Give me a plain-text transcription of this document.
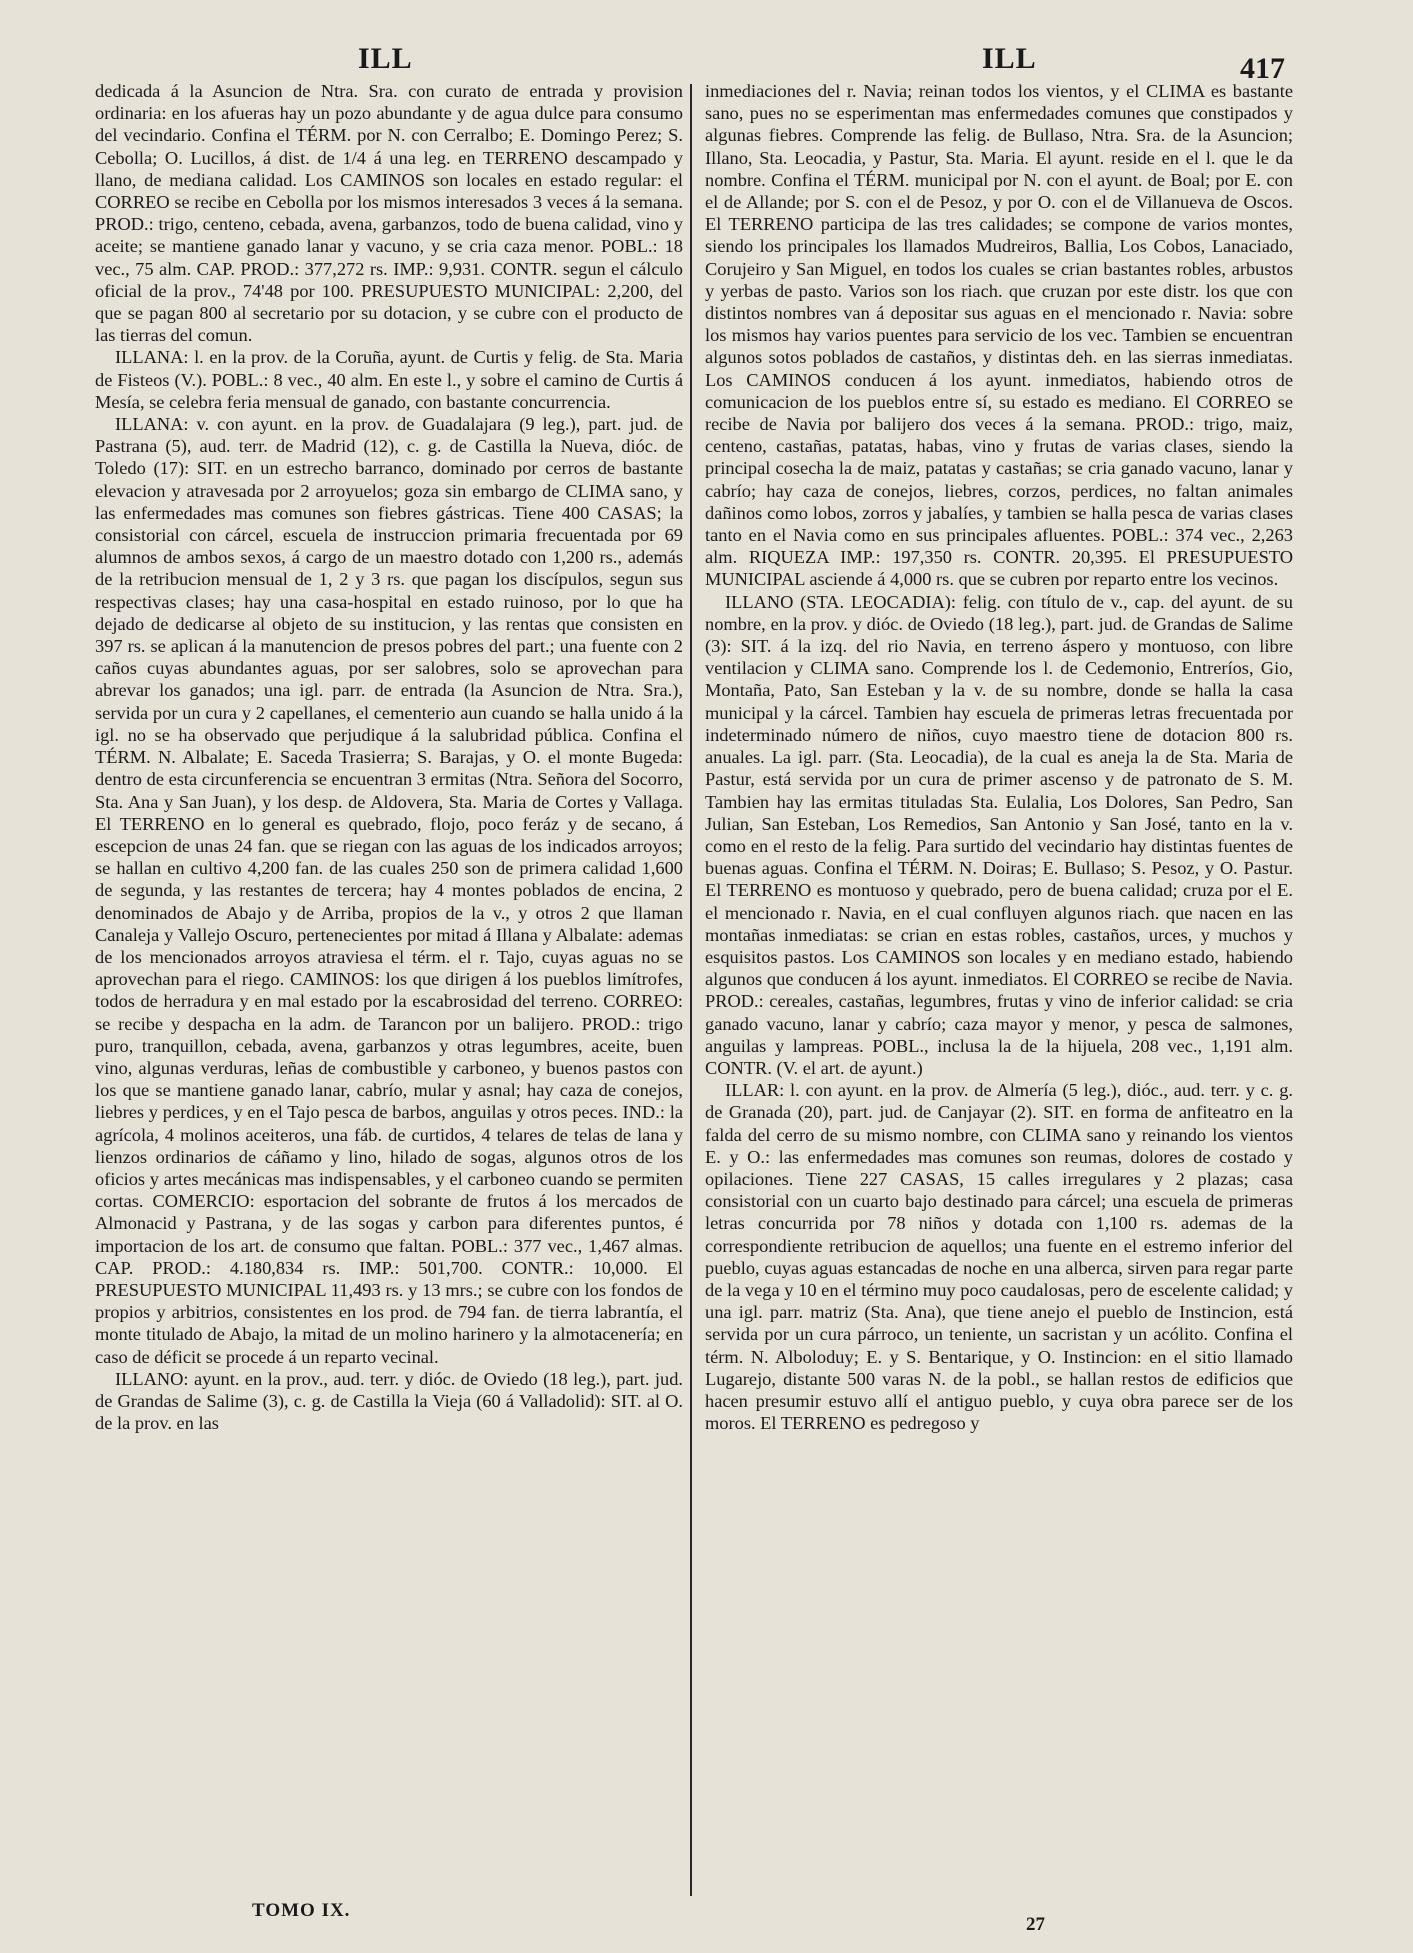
ILL	ILL	417

dedicada á la Asuncion de Ntra. Sra. con curato de entrada y provision ordinaria: en los afueras hay un pozo abundante y de agua dulce para consumo del vecindario. Confina el TÉRM. por N. con Cerralbo; E. Domingo Perez; S. Cebolla; O. Lucillos, á dist. de 1/4 á una leg. en TERRENO descampado y llano, de mediana calidad. Los CAMINOS son locales en estado regular: el CORREO se recibe en Cebolla por los mismos interesados 3 veces á la semana. PROD.: trigo, centeno, cebada, avena, garbanzos, todo de buena calidad, vino y aceite; se mantiene ganado lanar y vacuno, y se cria caza menor. POBL.: 18 vec., 75 alm. CAP. PROD.: 377,272 rs. IMP.: 9,931. CONTR. segun el cálculo oficial de la prov., 74'48 por 100. PRESUPUESTO MUNICIPAL: 2,200, del que se pagan 800 al secretario por su dotacion, y se cubre con el producto de las tierras del comun.

ILLANA: l. en la prov. de la Coruña, ayunt. de Curtis y felig. de Sta. Maria de Fisteos (V.). POBL.: 8 vec., 40 alm. En este l., y sobre el camino de Curtis á Mesía, se celebra feria mensual de ganado, con bastante concurrencia.

ILLANA: v. con ayunt. en la prov. de Guadalajara (9 leg.), part. jud. de Pastrana (5), aud. terr. de Madrid (12), c. g. de Castilla la Nueva, dióc. de Toledo (17): SIT. en un estrecho barranco, dominado por cerros de bastante elevacion y atravesada por 2 arroyuelos; goza sin embargo de CLIMA sano, y las enfermedades mas comunes son fiebres gástricas. Tiene 400 CASAS; la consistorial con cárcel, escuela de instruccion primaria frecuentada por 69 alumnos de ambos sexos, á cargo de un maestro dotado con 1,200 rs., además de la retribucion mensual de 1, 2 y 3 rs. que pagan los discípulos, segun sus respectivas clases; hay una casa-hospital en estado ruinoso, por lo que ha dejado de dedicarse al objeto de su institucion, y las rentas que consisten en 397 rs. se aplican á la manutencion de presos pobres del part.; una fuente con 2 caños cuyas abundantes aguas, por ser salobres, solo se aprovechan para abrevar los ganados; una igl. parr. de entrada (la Asuncion de Ntra. Sra.), servida por un cura y 2 capellanes, el cementerio aun cuando se halla unido á la igl. no se ha observado que perjudique á la salubridad pública. Confina el TÉRM. N. Albalate; E. Saceda Trasierra; S. Barajas, y O. el monte Bugeda: dentro de esta circunferencia se encuentran 3 ermitas (Ntra. Señora del Socorro, Sta. Ana y San Juan), y los desp. de Aldovera, Sta. Maria de Cortes y Vallaga. El TERRENO en lo general es quebrado, flojo, poco feráz y de secano, á escepcion de unas 24 fan. que se riegan con las aguas de los indicados arroyos; se hallan en cultivo 4,200 fan. de las cuales 250 son de primera calidad 1,600 de segunda, y las restantes de tercera; hay 4 montes poblados de encina, 2 denominados de Abajo y de Arriba, propios de la v., y otros 2 que llaman Canaleja y Vallejo Oscuro, pertenecientes por mitad á Illana y Albalate: ademas de los mencionados arroyos atraviesa el térm. el r. Tajo, cuyas aguas no se aprovechan para el riego. CAMINOS: los que dirigen á los pueblos limítrofes, todos de herradura y en mal estado por la escabrosidad del terreno. CORREO: se recibe y despacha en la adm. de Tarancon por un balijero. PROD.: trigo puro, tranquillon, cebada, avena, garbanzos y otras legumbres, aceite, buen vino, algunas verduras, leñas de combustible y carboneo, y buenos pastos con los que se mantiene ganado lanar, cabrío, mular y asnal; hay caza de conejos, liebres y perdices, y en el Tajo pesca de barbos, anguilas y otros peces. IND.: la agrícola, 4 molinos aceiteros, una fáb. de curtidos, 4 telares de telas de lana y lienzos ordinarios de cáñamo y lino, hilado de sogas, algunos otros de los oficios y artes mecánicas mas indispensables, y el carboneo cuando se permiten cortas. COMERCIO: esportacion del sobrante de frutos á los mercados de Almonacid y Pastrana, y de las sogas y carbon para diferentes puntos, é importacion de los art. de consumo que faltan. POBL.: 377 vec., 1,467 almas. CAP. PROD.: 4.180,834 rs. IMP.: 501,700. CONTR.: 10,000. El PRESUPUESTO MUNICIPAL 11,493 rs. y 13 mrs.; se cubre con los fondos de propios y arbitrios, consistentes en los prod. de 794 fan. de tierra labrantía, el monte titulado de Abajo, la mitad de un molino harinero y la almotacenería; en caso de déficit se procede á un reparto vecinal.

ILLANO: ayunt. en la prov., aud. terr. y dióc. de Oviedo (18 leg.), part. jud. de Grandas de Salime (3), c. g. de Castilla la Vieja (60 á Valladolid): SIT. al O. de la prov. en las

inmediaciones del r. Navia; reinan todos los vientos, y el CLIMA es bastante sano, pues no se esperimentan mas enfermedades comunes que constipados y algunas fiebres. Comprende las felig. de Bullaso, Ntra. Sra. de la Asuncion; Illano, Sta. Leocadia, y Pastur, Sta. Maria. El ayunt. reside en el l. que le da nombre. Confina el TÉRM. municipal por N. con el ayunt. de Boal; por E. con el de Allande; por S. con el de Pesoz, y por O. con el de Villanueva de Oscos. El TERRENO participa de las tres calidades; se compone de varios montes, siendo los principales los llamados Mudreiros, Ballia, Los Cobos, Lanaciado, Corujeiro y San Miguel, en todos los cuales se crian bastantes robles, arbustos y yerbas de pasto. Varios son los riach. que cruzan por este distr. los que con distintos nombres van á depositar sus aguas en el mencionado r. Navia: sobre los mismos hay varios puentes para servicio de los vec. Tambien se encuentran algunos sotos poblados de castaños, y distintas deh. en las sierras inmediatas. Los CAMINOS conducen á los ayunt. inmediatos, habiendo otros de comunicacion de los pueblos entre sí, su estado es mediano. El CORREO se recibe de Navia por balijero dos veces á la semana. PROD.: trigo, maiz, centeno, castañas, patatas, habas, vino y frutas de varias clases, siendo la principal cosecha la de maiz, patatas y castañas; se cria ganado vacuno, lanar y cabrío; hay caza de conejos, liebres, corzos, perdices, no faltan animales dañinos como lobos, zorros y jabalíes, y tambien se halla pesca de varias clases tanto en el Navia como en sus principales afluentes. POBL.: 374 vec., 2,263 alm. RIQUEZA IMP.: 197,350 rs. CONTR. 20,395. El PRESUPUESTO MUNICIPAL asciende á 4,000 rs. que se cubren por reparto entre los vecinos.

ILLANO (STA. LEOCADIA): felig. con título de v., cap. del ayunt. de su nombre, en la prov. y dióc. de Oviedo (18 leg.), part. jud. de Grandas de Salime (3): SIT. á la izq. del rio Navia, en terreno áspero y montuoso, con libre ventilacion y CLIMA sano. Comprende los l. de Cedemonio, Entreríos, Gio, Montaña, Pato, San Esteban y la v. de su nombre, donde se halla la casa municipal y la cárcel. Tambien hay escuela de primeras letras frecuentada por indeterminado número de niños, cuyo maestro tiene de dotacion 800 rs. anuales. La igl. parr. (Sta. Leocadia), de la cual es aneja la de Sta. Maria de Pastur, está servida por un cura de primer ascenso y de patronato de S. M. Tambien hay las ermitas tituladas Sta. Eulalia, Los Dolores, San Pedro, San Julian, San Esteban, Los Remedios, San Antonio y San José, tanto en la v. como en el resto de la felig. Para surtido del vecindario hay distintas fuentes de buenas aguas. Confina el TÉRM. N. Doiras; E. Bullaso; S. Pesoz, y O. Pastur. El TERRENO es montuoso y quebrado, pero de buena calidad; cruza por el E. el mencionado r. Navia, en el cual confluyen algunos riach. que nacen en las montañas inmediatas: se crian en estas robles, castaños, urces, y muchos y esquisitos pastos. Los CAMINOS son locales y en mediano estado, habiendo algunos que conducen á los ayunt. inmediatos. El CORREO se recibe de Navia. PROD.: cereales, castañas, legumbres, frutas y vino de inferior calidad: se cria ganado vacuno, lanar y cabrío; caza mayor y menor, y pesca de salmones, anguilas y lampreas. POBL., inclusa la de la hijuela, 208 vec., 1,191 alm. CONTR. (V. el art. de ayunt.)

ILLAR: l. con ayunt. en la prov. de Almería (5 leg.), dióc., aud. terr. y c. g. de Granada (20), part. jud. de Canjayar (2). SIT. en forma de anfiteatro en la falda del cerro de su mismo nombre, con CLIMA sano y reinando los vientos E. y O.: las enfermedades mas comunes son reumas, dolores de costado y opilaciones. Tiene 227 CASAS, 15 calles irregulares y 2 plazas; casa consistorial con un cuarto bajo destinado para cárcel; una escuela de primeras letras concurrida por 78 niños y dotada con 1,100 rs. ademas de la correspondiente retribucion de aquellos; una fuente en el estremo inferior del pueblo, cuyas aguas estancadas de noche en una alberca, sirven para regar parte de la vega y 10 en el término muy poco caudalosas, pero de escelente calidad; y una igl. parr. matriz (Sta. Ana), que tiene anejo el pueblo de Instincion, está servida por un cura párroco, un teniente, un sacristan y un acólito. Confina el térm. N. Alboloduy; E. y S. Bentarique, y O. Instincion: en el sitio llamado Lugarejo, distante 500 varas N. de la pobl., se hallan restos de edificios que hacen presumir estuvo allí el antiguo pueblo, y cuya obra parece ser de los moros. El TERRENO es pedregoso y

TOMO IX.
27
